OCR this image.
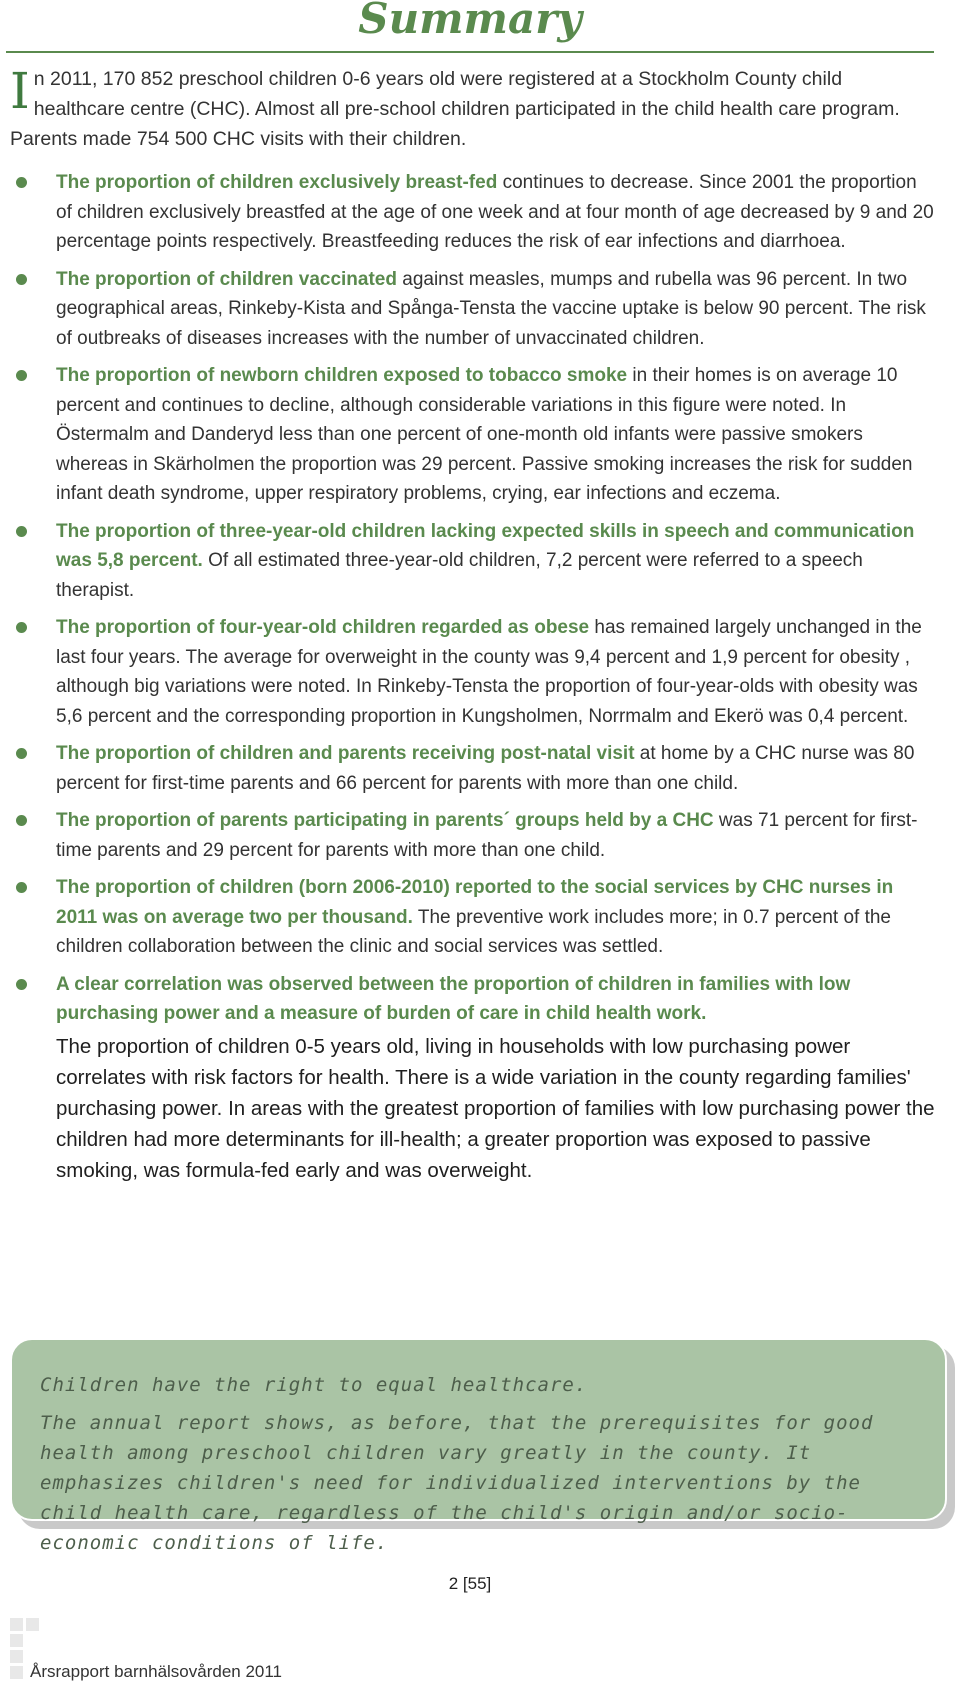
Summary

In 2011, 170 852 preschool children 0-6 years old were registered at a Stockholm County child healthcare centre (CHC). Almost all pre-school children participated in the child health care program. Parents made 754 500 CHC visits with their children.

The proportion of children exclusively breast-fed continues to decrease. Since 2001 the proportion of children exclusively breastfed at the age of one week and at four month of age decreased by 9 and 20 percentage points respectively. Breastfeeding reduces the risk of ear infections and diarrhoea.
The proportion of children vaccinated against measles, mumps and rubella was 96 percent. In two geographical areas, Rinkeby-Kista and Spånga-Tensta the vaccine uptake is below 90 percent. The risk of outbreaks of diseases increases with the number of unvaccinated children.
The proportion of newborn children exposed to tobacco smoke in their homes is on average 10 percent and continues to decline, although considerable variations in this figure were noted. In Östermalm and Danderyd less than one percent of one-month old infants were passive smokers whereas in Skärholmen the proportion was 29 percent. Passive smoking increases the risk for sudden infant death syndrome, upper respiratory problems, crying, ear infections and eczema.
The proportion of three-year-old children lacking expected skills in speech and communication was 5,8 percent. Of all estimated three-year-old children, 7,2 percent were referred to a speech therapist.
The proportion of four-year-old children regarded as obese has remained largely unchanged in the last four years. The average for overweight in the county was 9,4 percent and 1,9 percent for obesity , although big variations were noted. In Rinkeby-Tensta the proportion of four-year-olds with obesity was 5,6 percent and the corresponding proportion in Kungsholmen, Norrmalm and Ekerö was 0,4 percent.
The proportion of children and parents receiving post-natal visit at home by a CHC nurse was 80 percent for first-time parents and 66 percent for parents with more than one child.
The proportion of parents participating in parents´ groups held by a CHC was 71 percent for first-time parents and 29 percent for parents with more than one child.
The proportion of children (born 2006-2010) reported to the social services by CHC nurses in 2011 was on average two per thousand. The preventive work includes more; in 0.7 percent of the children collaboration between the clinic and social services was settled.
A clear correlation was observed between the proportion of children in families with low purchasing power and a measure of burden of care in child health work.
The proportion of children 0-5 years old, living in households with low purchasing power correlates with risk factors for health. There is a wide variation in the county regarding families' purchasing power. In areas with the greatest proportion of families with low purchasing power the children had more determinants for ill-health; a greater proportion was exposed to passive smoking, was formula-fed early and was overweight.

Children have the right to equal healthcare.

The annual report shows, as before, that the prerequisites for good health among preschool children vary greatly in the county. It emphasizes children's need for individualized interventions by the child health care, regardless of the child's origin and/or socio-economic conditions of life.

2 [55]
Årsrapport barnhälsovården 2011
